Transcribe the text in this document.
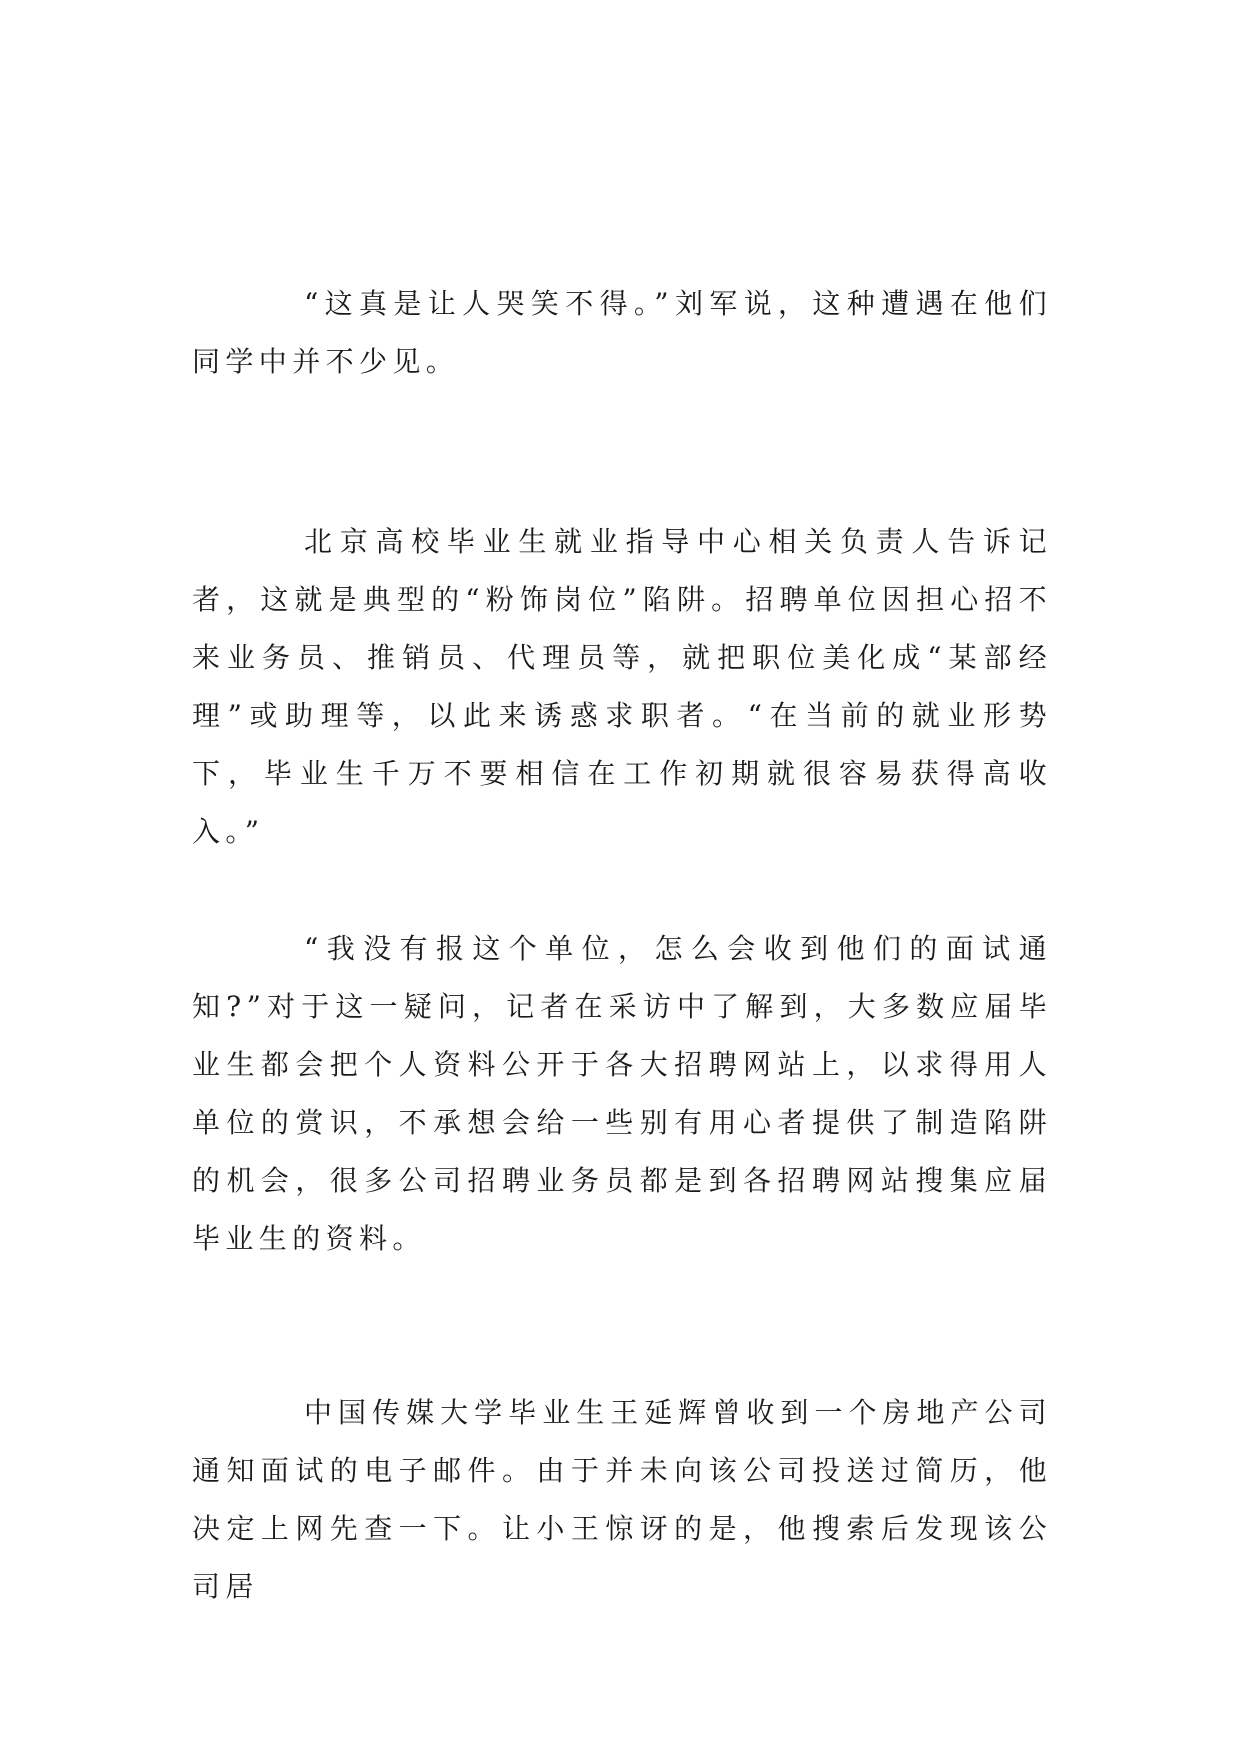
“这真是让人哭笑不得。”刘军说，这种遭遇在他们同学中并不少见。

北京高校毕业生就业指导中心相关负责人告诉记者，这就是典型的“粉饰岗位”陷阱。招聘单位因担心招不来业务员、推销员、代理员等，就把职位美化成“某部经理”或助理等，以此来诱惑求职者。“在当前的就业形势下，毕业生千万不要相信在工作初期就很容易获得高收入。”

“我没有报这个单位，怎么会收到他们的面试通知?”对于这一疑问，记者在采访中了解到，大多数应届毕业生都会把个人资料公开于各大招聘网站上，以求得用人单位的赏识，不承想会给一些别有用心者提供了制造陷阱的机会，很多公司招聘业务员都是到各招聘网站搜集应届毕业生的资料。

中国传媒大学毕业生王延辉曾收到一个房地产公司通知面试的电子邮件。由于并未向该公司投送过简历，他决定上网先查一下。让小王惊讶的是，他搜索后发现该公司居
